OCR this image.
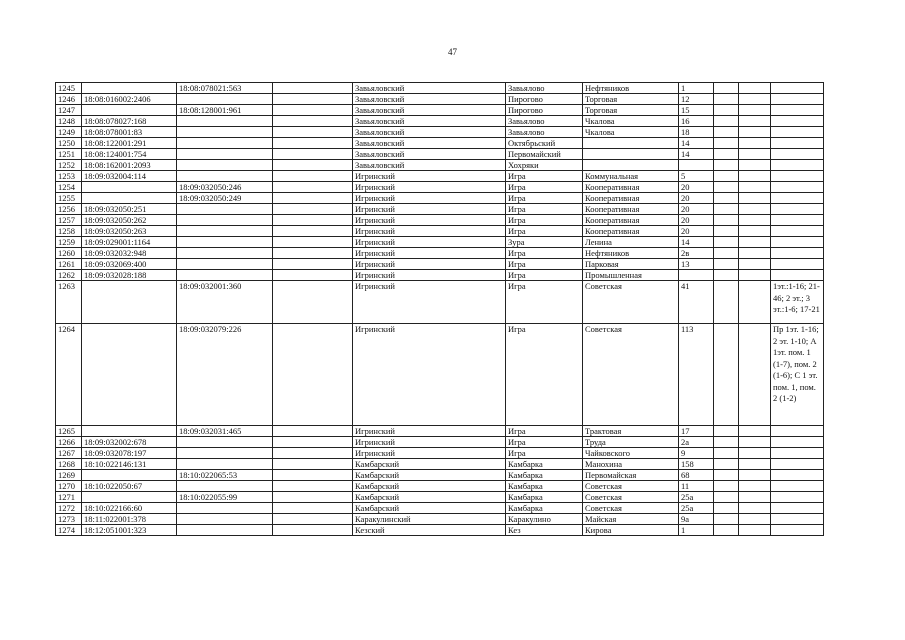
47
1245		18:08:078021:563		Завьяловский	Завьялово	Нефтяников	1			
1246	18:08:016002:2406			Завьяловский	Пирогово	Торговая	12			
1247		18:08:128001:961		Завьяловский	Пирогово	Торговая	15			
1248	18:08:078027:168			Завьяловский	Завьялово	Чкалова	16			
1249	18:08:078001:83			Завьяловский	Завьялово	Чкалова	18			
1250	18:08:122001:291			Завьяловский	Октябрьский		14			
1251	18:08:124001:754			Завьяловский	Первомайский		14			
1252	18:08:162001:2093			Завьяловский	Хохряки					
1253	18:09:032004:114			Игринский	Игра	Коммунальная	5			
1254		18:09:032050:246		Игринский	Игра	Кооперативная	20			
1255		18:09:032050:249		Игринский	Игра	Кооперативная	20			
1256	18:09:032050:251			Игринский	Игра	Кооперативная	20			
1257	18:09:032050:262			Игринский	Игра	Кооперативная	20			
1258	18:09:032050:263			Игринский	Игра	Кооперативная	20			
1259	18:09:029001:1164			Игринский	Зура	Ленина	14			
1260	18:09:032032:948			Игринский	Игра	Нефтяников	2в			
1261	18:09:032069:400			Игринский	Игра	Парковая	13			
1262	18:09:032028:188			Игринский	Игра	Промышленная				
1263		18:09:032001:360		Игринский	Игра	Советская	41			1эт.:1-16; 21-46; 2 эт.; 3 эт.:1-6; 17-21
1264		18:09:032079:226		Игринский	Игра	Советская	113			Пр 1эт. 1-16; 2 эт. 1-10; А 1эт. пом. 1 (1-7), пом. 2 (1-6); С 1 эт. пом. 1, пом. 2 (1-2)
1265		18:09:032031:465		Игринский	Игра	Трактовая	17			
1266	18:09:032002:678			Игринский	Игра	Труда	2а			
1267	18:09:032078:197			Игринский	Игра	Чайковского	9			
1268	18:10:022146:131			Камбарский	Камбарка	Манохина	158			
1269		18:10:022065:53		Камбарский	Камбарка	Первомайская	68			
1270	18:10:022050:67			Камбарский	Камбарка	Советская	11			
1271		18:10:022055:99		Камбарский	Камбарка	Советская	25а			
1272	18:10:022166:60			Камбарский	Камбарка	Советская	25а			
1273	18:11:022001:378			Каракулинский	Каракулино	Майская	9а			
1274	18:12:051001:323			Кезский	Кез	Кирова	1			
